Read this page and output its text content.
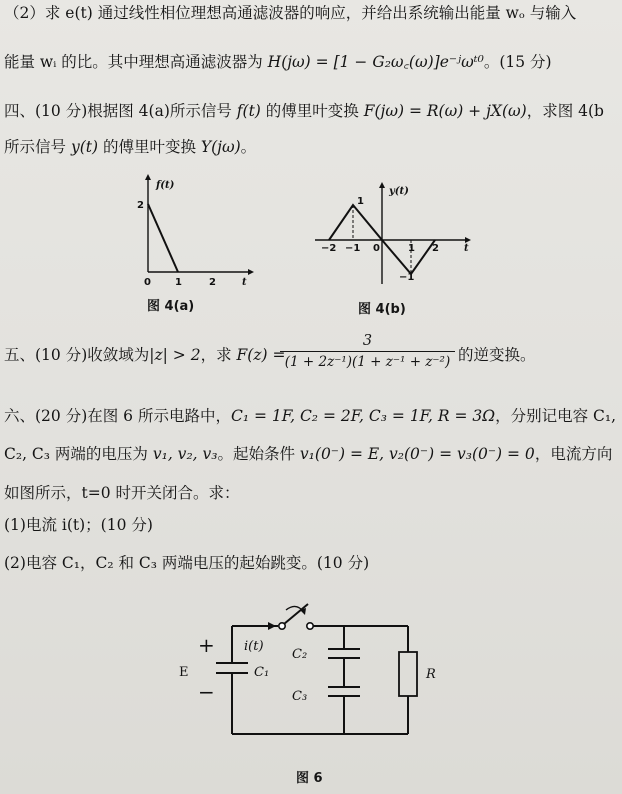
（2）求 e(t) 通过线性相位理想高通滤波器的响应，并给出系统输出能量 wₒ 与输入
能量 wᵢ 的比。其中理想高通滤波器为 H(jω) = [1 − G₂ω꜀(ω)]e⁻ʲωᵗ⁰。(15 分)
四、(10 分)根据图 4(a)所示信号 f(t) 的傅里叶变换 F(jω) = R(ω) + jX(ω)，求图 4(b
所示信号 y(t) 的傅里叶变换 Y(jω)。
f(t)
t
2
0 1	2
图 4(a)
y(t)
t
1
−1
−2 −1 0	1 2
图 4(b)
五、(10 分)收敛域为|z| > 2，求 F(z) =
$\frac{3}{\text{(1 + 2z⁻¹)(1 + z⁻¹ + z⁻²)}}$ 的逆变换。
六、(20 分)在图 6 所示电路中，C₁ = 1F, C₂ = 2F, C₃ = 1F, R = 3Ω，分别记电容 C₁,
C₂, C₃ 两端的电压为 v₁, v₂, v₃。起始条件 v₁(0⁻) = E, v₂(0⁻) = v₃(0⁻) = 0，电流方向
如图所示，t=0 时开关闭合。求：
(1)电流 i(t)；(10 分)
(2)电容 C₁，C₂ 和 C₃ 两端电压的起始跳变。(10 分)
+
−
E
i(t)
C₁
C₂
C₃
R
图 6
